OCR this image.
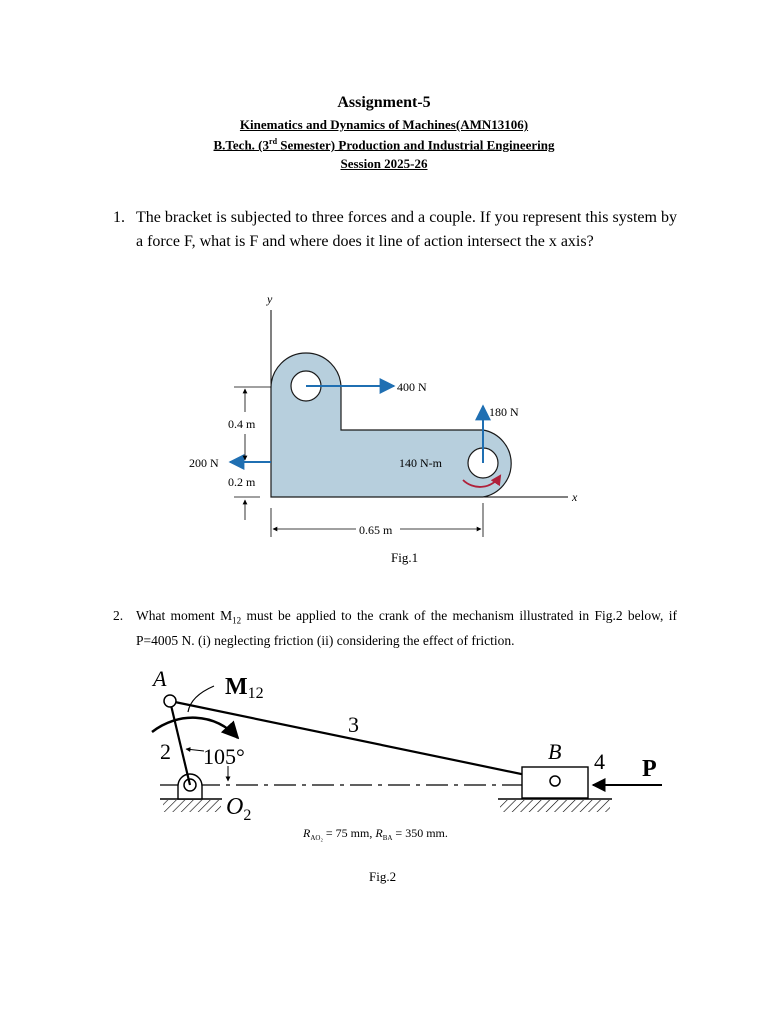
Assignment-5
Kinematics and Dynamics of Machines(AMN13106)
B.Tech. (3rd Semester) Production and Industrial Engineering
Session 2025-26
1. The bracket is subjected to three forces and a couple. If you represent this system by a force F, what is F and where does it line of action intersect the x axis?
y
x
400 N
180 N
200 N	140 N-m
0.4 m
0.2 m
0.65 m
Fig.1
2. What moment $M_{12}$ must be applied to the crank of the mechanism illustrated in Fig.2 below, if P=4005 N. (i) neglecting friction (ii) considering the effect of friction.
A M12
3
2 105°	B 4 P
$O_2$
$R_{AO_2} = 75$ mm, $R_{BA} = 350$ mm.
Fig.2
